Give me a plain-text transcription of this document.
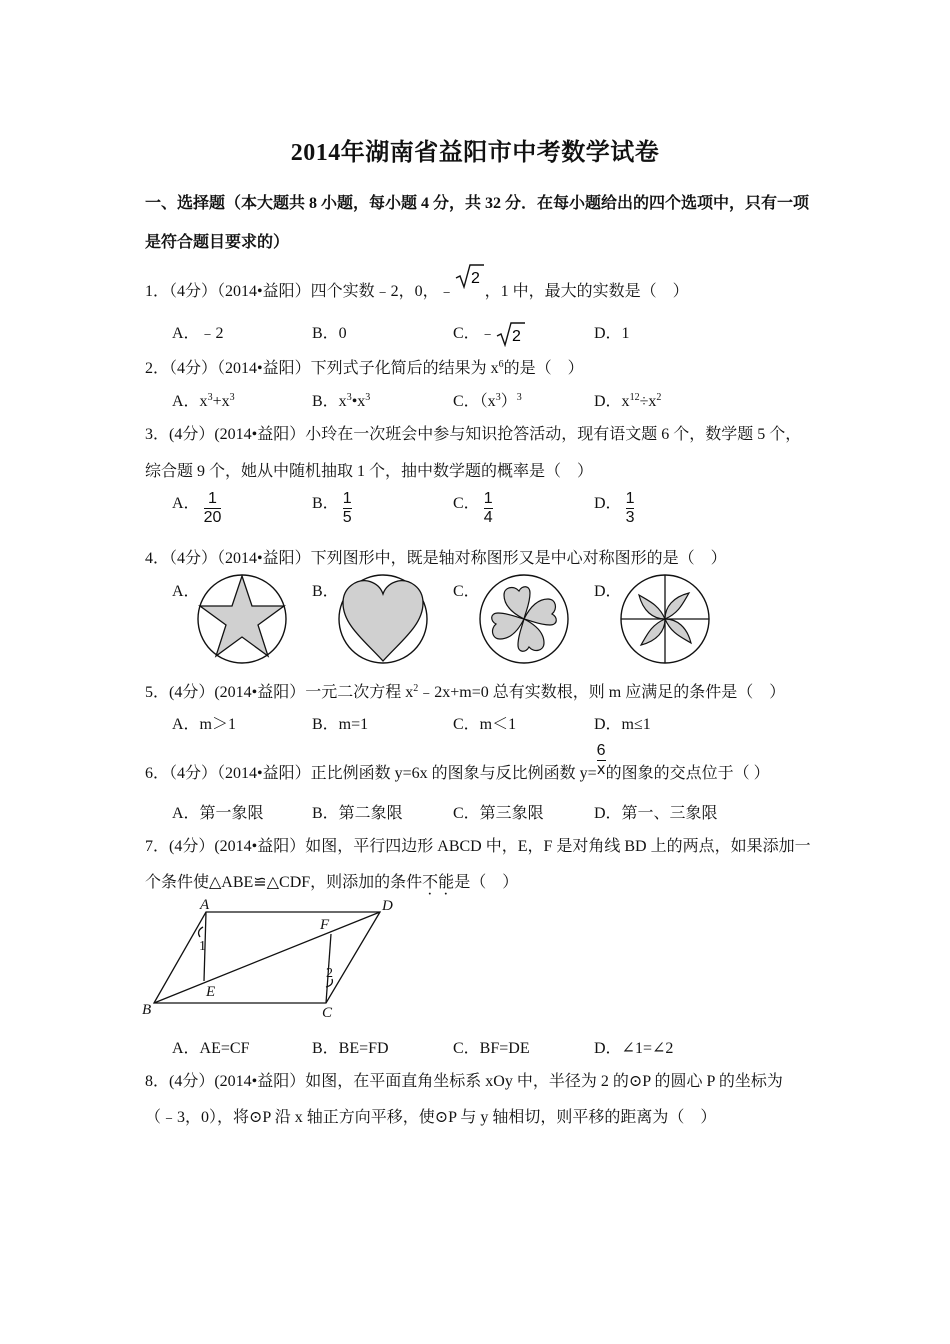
2014年湖南省益阳市中考数学试卷
一、选择题（本大题共 8 小题，每小题 4 分，共 32 分．在每小题给出的四个选项中，只有一项
是符合题目要求的）
1．（4分）（2014•益阳）四个实数﹣2，0，﹣
2
，1 中，最大的实数是（　）
A．﹣2	B．0	C．﹣ 2	D．1
2．（4分）（2014•益阳）下列式子化简后的结果为 $x^6$的是（　）
A．$x^3+x^3$	B．$x^3•x^3$	C．$(x^3)^3$	D．$x^{12}\div x^2$
3．(4分）(2014•益阳）小玲在一次班会中参与知识抢答活动，现有语文题 6 个，数学题 5 个，
综合题 9 个，她从中随机抽取 1 个，抽中数学题的概率是（　）
A． $\frac{1}{20}$	B． $\frac{1}{5}$	C． $\frac{1}{4}$	D． $\frac{1}{3}$
4．（4分）（2014•益阳）下列图形中，既是轴对称图形又是中心对称图形的是（　）
A．	B．	C．	D．
5．(4分）(2014•益阳）一元二次方程 $x^2﹣2x+m=0$ 总有实数根，则 m 应满足的条件是（　）
A．m＞1	B．m=1	C．m＜1	D．m≤1
6．（4分）（2014•益阳）正比例函数 y=6x 的图象与反比例函数 $y= \frac{6}{x}$ 的图象的交点位于（ ）
A．第一象限	B．第二象限	C．第三象限	D．第一、三象限
7．(4分）(2014•益阳）如图，平行四边形 ABCD 中，E，F 是对角线 BD 上的两点，如果添加一
个条件使△ABE≌△CDF，则添加的条件不能是（　）
A	D
B	C
E
F
1
2
A．AE=CF	B．BE=FD	C．BF=DE	D．∠1=∠2
8．(4分）(2014•益阳）如图，在平面直角坐标系 xOy 中，半径为 2 的⊙P 的圆心 P 的坐标为
（﹣3，0），将⊙P 沿 x 轴正方向平移，使⊙P 与 y 轴相切，则平移的距离为（　）
